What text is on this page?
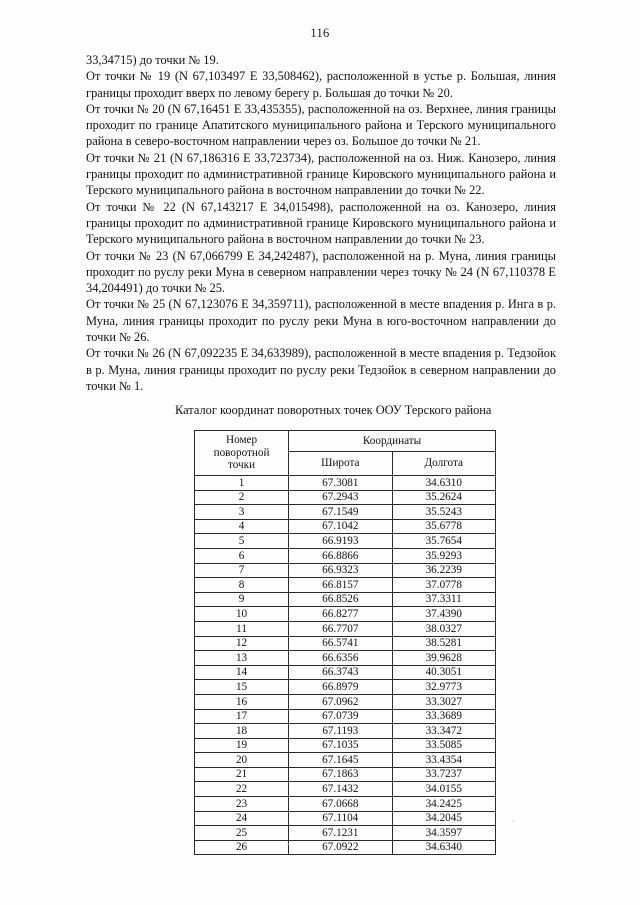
116

33,34715) до точки № 19.

От точки № 19 (N 67,103497 E 33,508462), расположенной в устье р. Большая, линия границы проходит вверх по левому берегу р. Большая до точки № 20.

От точки № 20 (N 67,16451 E 33,435355), расположенной на оз. Верхнее, линия границы проходит по границе Апатитского муниципального района и Терского муниципального района в северо-восточном направлении через оз. Большое до точки № 21.

От точки № 21 (N 67,186316 E 33,723734), расположенной на оз. Ниж. Канозеро, линия границы проходит по административной границе Кировского муниципального района и Терского муниципального района в восточном направлении до точки № 22.

От точки № 22 (N 67,143217 E 34,015498), расположенной на оз. Канозеро, линия границы проходит по административной границе Кировского муниципального района и Терского муниципального района в восточном направлении до точки № 23.

От точки № 23 (N 67,066799 E 34,242487), расположенной на р. Муна, линия границы проходит по руслу реки Муна в северном направлении через точку № 24 (N 67,110378 E 34,204491) до точки № 25.

От точки № 25 (N 67,123076 E 34,359711), расположенной в месте впадения р. Инга в р. Муна, линия границы проходит по руслу реки Муна в юго-восточном направлении до точки № 26.

От точки № 26 (N 67,092235 E 34,633989), расположенной в месте впадения р. Тедзойок в р. Муна, линия границы проходит по руслу реки Тедзойок в северном направлении до точки № 1.

Каталог координат поворотных точек ООУ Терского района
Номер
поворотной
точки	Координаты	
	Широта	Долгота
1	67.3081	34.6310
2	67.2943	35.2624
3	67.1549	35.5243
4	67.1042	35.6778
5	66.9193	35.7654
6	66.8866	35.9293
7	66.9323	36.2239
8	66.8157	37.0778
9	66.8526	37.3311
10	66.8277	37.4390
11	66.7707	38.0327
12	66.5741	38.5281
13	66.6356	39.9628
14	66.3743	40.3051
15	66.8979	32.9773
16	67.0962	33.3027
17	67.0739	33.3689
18	67.1193	33.3472
19	67.1035	33.5085
20	67.1645	33.4354
21	67.1863	33.7237
22	67.1432	34.0155
23	67.0668	34.2425
24	67.1104	34.2045
25	67.1231	34.3597
26	67.0922	34.6340
